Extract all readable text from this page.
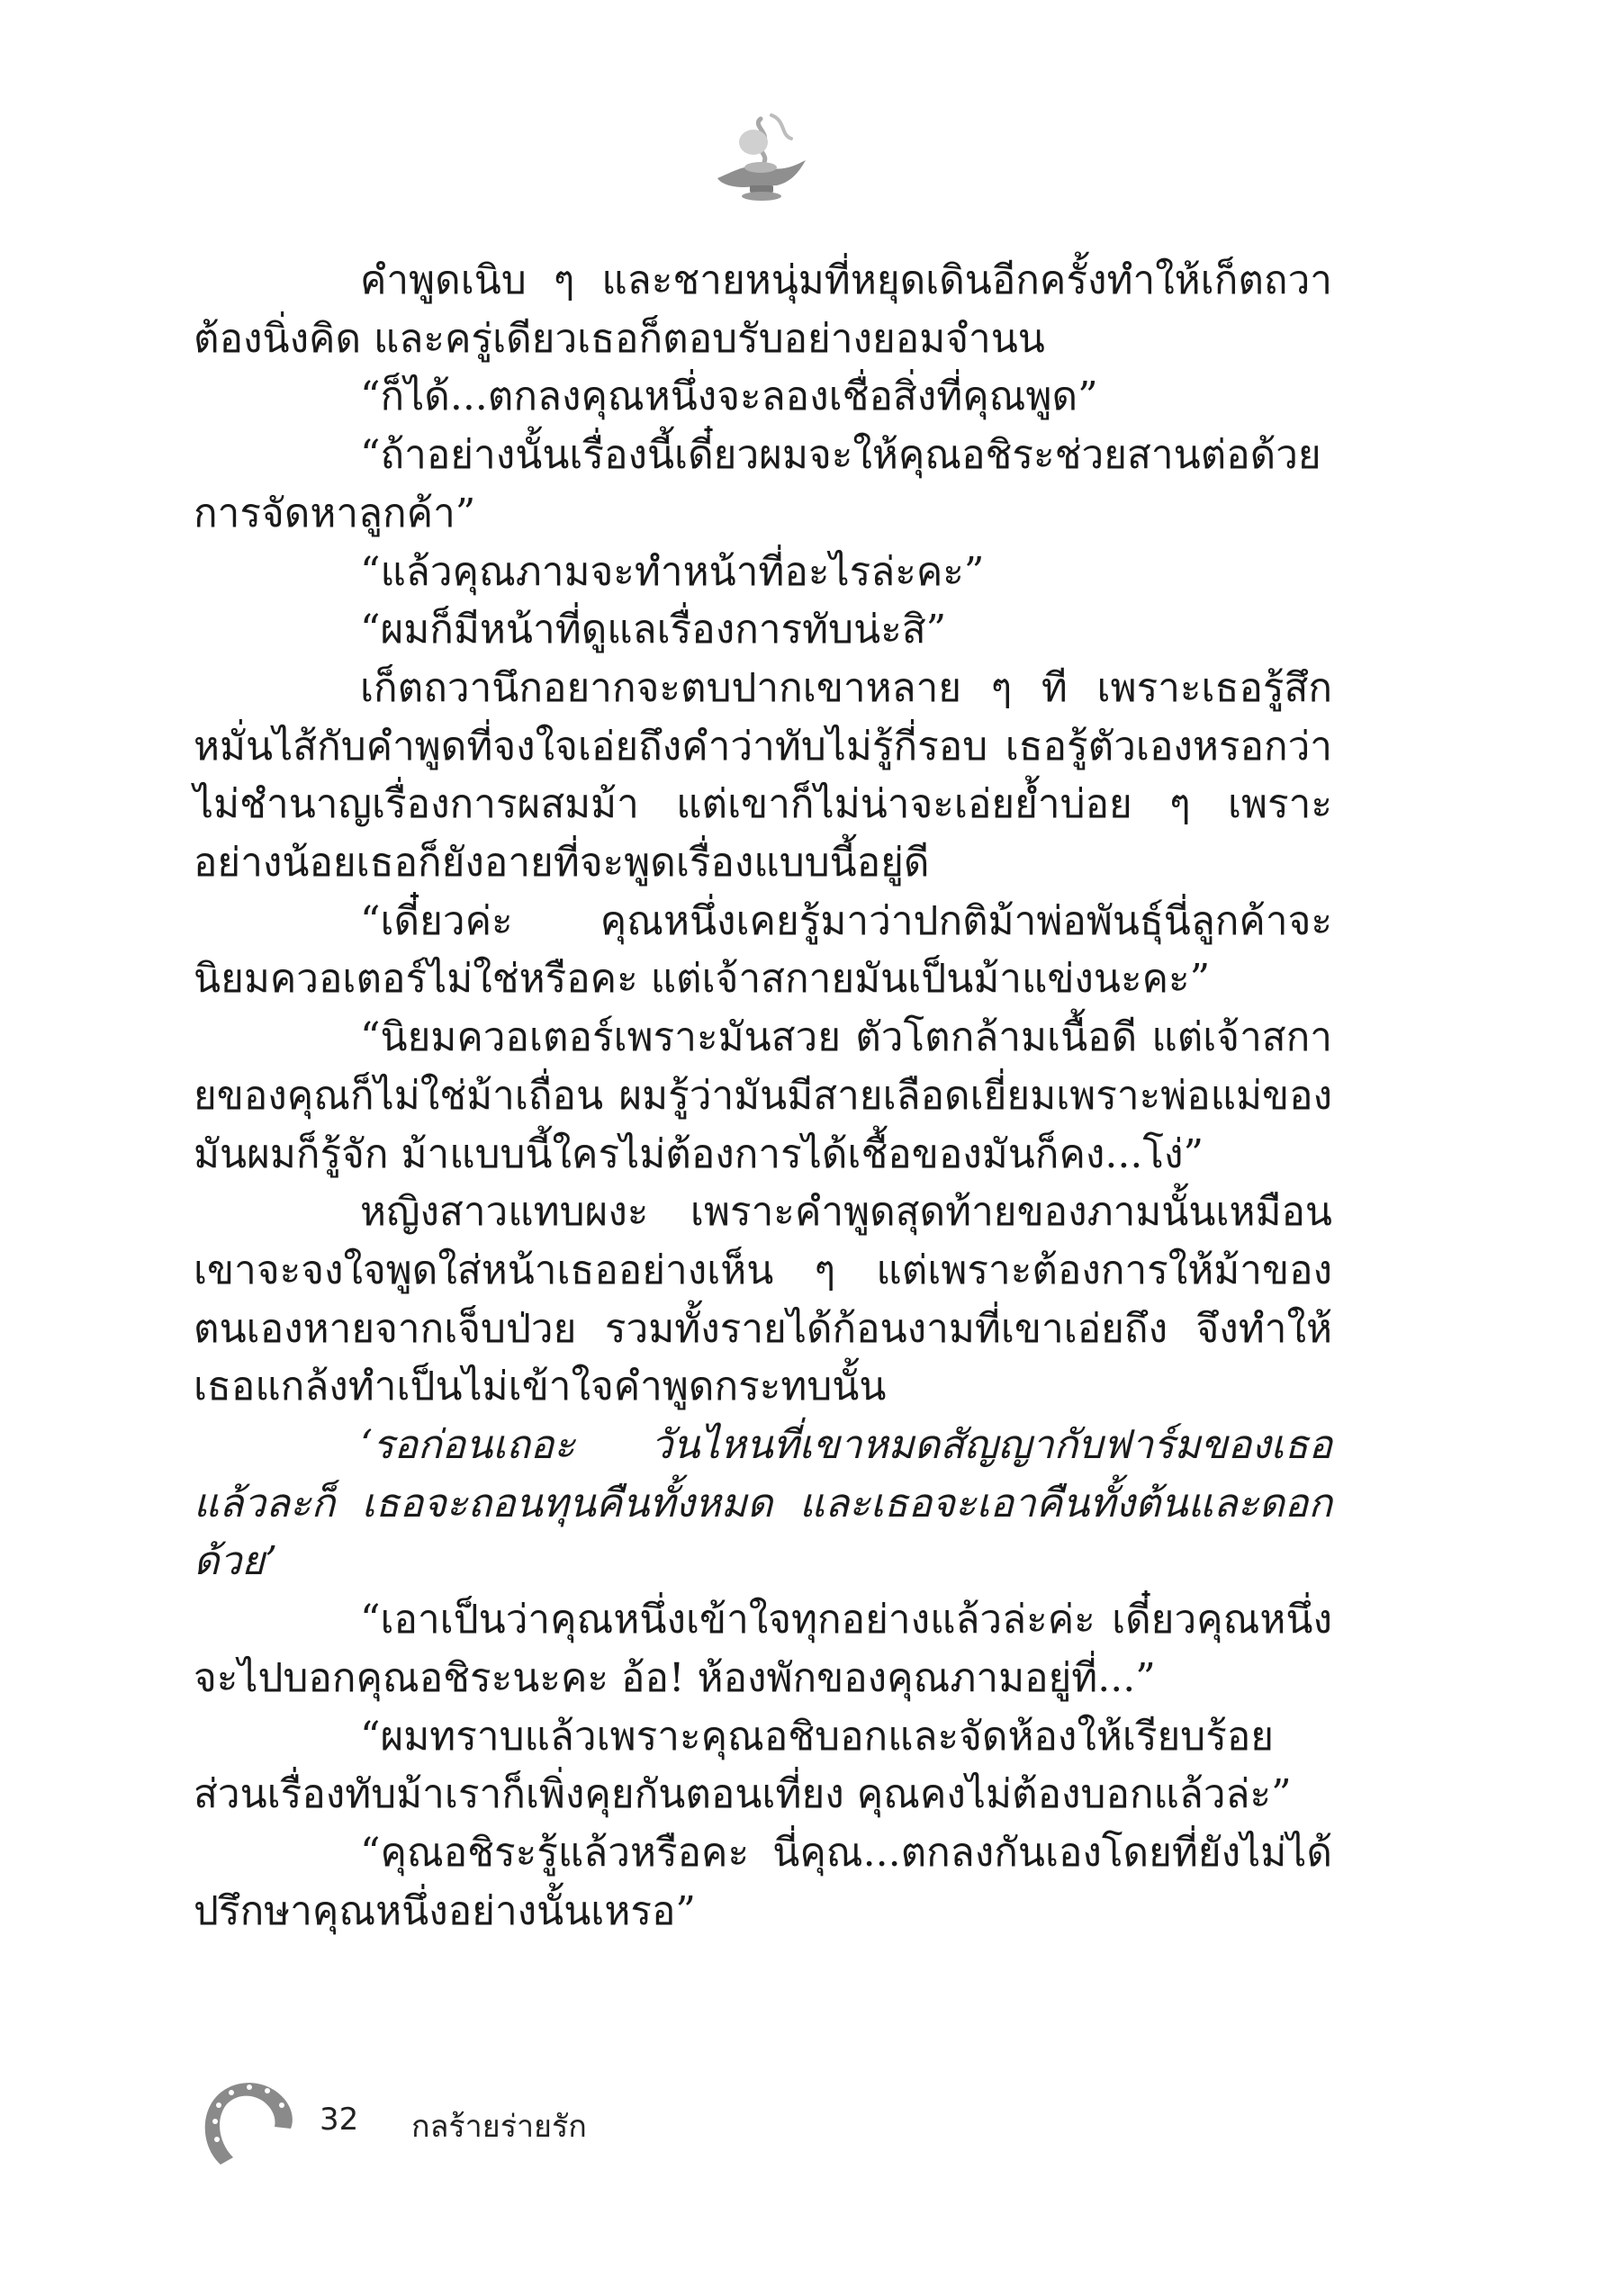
คำพูดเนิบ ๆ และชายหนุ่มที่หยุดเดินอีกครั้งทำให้เก็ตถวาต้องนิ่งคิด และครู่เดียวเธอก็ตอบรับอย่างยอมจำนน

“ก็ได้...ตกลงคุณหนึ่งจะลองเชื่อสิ่งที่คุณพูด”

“ถ้าอย่างนั้นเรื่องนี้เดี๋ยวผมจะให้คุณอชิระช่วยสานต่อด้วยการจัดหาลูกค้า”

“แล้วคุณภามจะทำหน้าที่อะไรล่ะคะ”

“ผมก็มีหน้าที่ดูแลเรื่องการทับน่ะสิ”

เก็ตถวานึกอยากจะตบปากเขาหลาย ๆ ที เพราะเธอรู้สึกหมั่นไส้กับคำพูดที่จงใจเอ่ยถึงคำว่าทับไม่รู้กี่รอบ เธอรู้ตัวเองหรอกว่าไม่ชำนาญเรื่องการผสมม้า แต่เขาก็ไม่น่าจะเอ่ยย้ำบ่อย ๆ เพราะอย่างน้อยเธอก็ยังอายที่จะพูดเรื่องแบบนี้อยู่ดี

“เดี๋ยวค่ะ คุณหนึ่งเคยรู้มาว่าปกติม้าพ่อพันธุ์นี่ลูกค้าจะนิยมควอเตอร์ไม่ใช่หรือคะ แต่เจ้าสกายมันเป็นม้าแข่งนะคะ”

“นิยมควอเตอร์เพราะมันสวย ตัวโตกล้ามเนื้อดี แต่เจ้าสกายของคุณก็ไม่ใช่ม้าเถื่อน ผมรู้ว่ามันมีสายเลือดเยี่ยมเพราะพ่อแม่ของมันผมก็รู้จัก ม้าแบบนี้ใครไม่ต้องการได้เชื้อของมันก็คง...โง่”

หญิงสาวแทบผงะ เพราะคำพูดสุดท้ายของภามนั้นเหมือนเขาจะจงใจพูดใส่หน้าเธออย่างเห็น ๆ แต่เพราะต้องการให้ม้าของตนเองหายจากเจ็บป่วย รวมทั้งรายได้ก้อนงามที่เขาเอ่ยถึง จึงทำให้เธอแกล้งทำเป็นไม่เข้าใจคำพูดกระทบนั้น

‘รอก่อนเถอะ วันไหนที่เขาหมดสัญญากับฟาร์มของเธอแล้วละก็ เธอจะถอนทุนคืนทั้งหมด และเธอจะเอาคืนทั้งต้นและดอกด้วย’

“เอาเป็นว่าคุณหนึ่งเข้าใจทุกอย่างแล้วล่ะค่ะ เดี๋ยวคุณหนึ่งจะไปบอกคุณอชิระนะคะ อ้อ! ห้องพักของคุณภามอยู่ที่...”

“ผมทราบแล้วเพราะคุณอชิบอกและจัดห้องให้เรียบร้อย ส่วนเรื่องทับม้าเราก็เพิ่งคุยกันตอนเที่ยง คุณคงไม่ต้องบอกแล้วล่ะ”

“คุณอชิระรู้แล้วหรือคะ นี่คุณ...ตกลงกันเองโดยที่ยังไม่ได้ปรึกษาคุณหนึ่งอย่างนั้นเหรอ”

32 กลร้ายร่ายรัก
